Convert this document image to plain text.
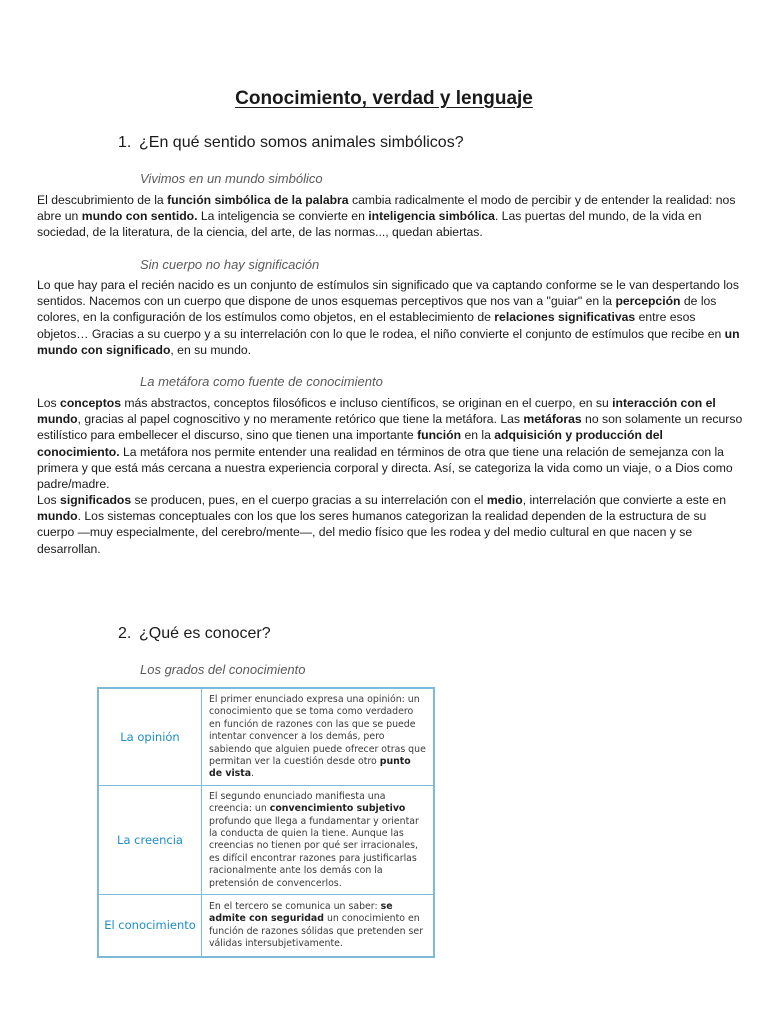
Conocimiento, verdad y lenguaje
1. ¿En qué sentido somos animales simbólicos?
Vivimos en un mundo simbólico
El descubrimiento de la función simbólica de la palabra cambia radicalmente el modo de percibir y de entender la realidad: nos abre un mundo con sentido. La inteligencia se convierte en inteligencia simbólica. Las puertas del mundo, de la vida en sociedad, de la literatura, de la ciencia, del arte, de las normas..., quedan abiertas.
Sin cuerpo no hay significación
Lo que hay para el recién nacido es un conjunto de estímulos sin significado que va captando conforme se le van despertando los sentidos. Nacemos con un cuerpo que dispone de unos esquemas perceptivos que nos van a "guiar" en la percepción de los colores, en la configuración de los estímulos como objetos, en el establecimiento de relaciones significativas entre esos objetos… Gracias a su cuerpo y a su interrelación con lo que le rodea, el niño convierte el conjunto de estímulos que recibe en un mundo con significado, en su mundo.
La metáfora como fuente de conocimiento
Los conceptos más abstractos, conceptos filosóficos e incluso científicos, se originan en el cuerpo, en su interacción con el mundo, gracias al papel cognoscitivo y no meramente retórico que tiene la metáfora. Las metáforas no son solamente un recurso estilístico para embellecer el discurso, sino que tienen una importante función en la adquisición y producción del conocimiento. La metáfora nos permite entender una realidad en términos de otra que tiene una relación de semejanza con la primera y que está más cercana a nuestra experiencia corporal y directa. Así, se categoriza la vida como un viaje, o a Dios como padre/madre.
Los significados se producen, pues, en el cuerpo gracias a su interrelación con el medio, interrelación que convierte a este en mundo. Los sistemas conceptuales con los que los seres humanos categorizan la realidad dependen de la estructura de su cuerpo —muy especialmente, del cerebro/mente—, del medio físico que les rodea y del medio cultural en que nacen y se desarrollan.
2. ¿Qué es conocer?
Los grados del conocimiento
La opinión	El primer enunciado expresa una opinión: un conocimiento que se toma como verdadero en función de razones con las que se puede intentar convencer a los demás, pero sabiendo que alguien puede ofrecer otras que permitan ver la cuestión desde otro punto de vista.
La creencia	El segundo enunciado manifiesta una creencia: un convencimiento subjetivo profundo que llega a fundamentar y orientar la conducta de quien la tiene. Aunque las creencias no tienen por qué ser irracionales, es difícil encontrar razones para justificarlas racionalmente ante los demás con la pretensión de convencerlos.
El conocimiento	En el tercero se comunica un saber: se admite con seguridad un conocimiento en función de razones sólidas que pretenden ser válidas intersubjetivamente.
